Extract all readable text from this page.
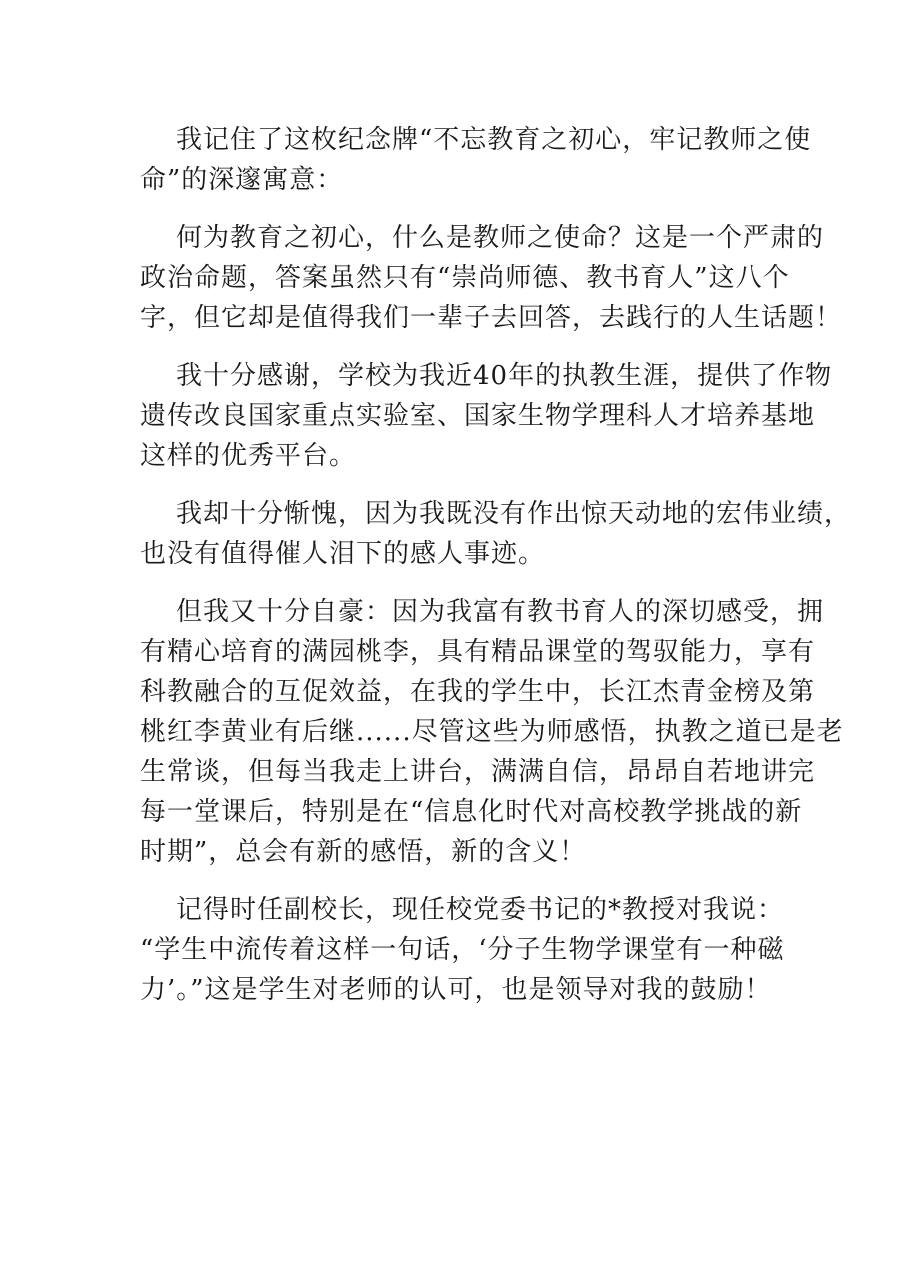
我记住了这枚纪念牌“不忘教育之初心，牢记教师之使
命”的深邃寓意：

何为教育之初心，什么是教师之使命？这是一个严肃的
政治命题，答案虽然只有“崇尚师德、教书育人”这八个
字，但它却是值得我们一辈子去回答，去践行的人生话题！

我十分感谢，学校为我近40年的执教生涯，提供了作物
遗传改良国家重点实验室、国家生物学理科人才培养基地
这样的优秀平台。

我却十分惭愧，因为我既没有作出惊天动地的宏伟业绩，
也没有值得催人泪下的感人事迹。

但我又十分自豪：因为我富有教书育人的深切感受，拥
有精心培育的满园桃李，具有精品课堂的驾驭能力，享有
科教融合的互促效益，在我的学生中，长江杰青金榜及第
桃红李黄业有后继......尽管这些为师感悟，执教之道已是老
生常谈，但每当我走上讲台，满满自信，昂昂自若地讲完
每一堂课后，特别是在“信息化时代对高校教学挑战的新
时期”，总会有新的感悟，新的含义！

记得时任副校长，现任校党委书记的*教授对我说：
“学生中流传着这样一句话，‘分子生物学课堂有一种磁
力’。”这是学生对老师的认可，也是领导对我的鼓励！
